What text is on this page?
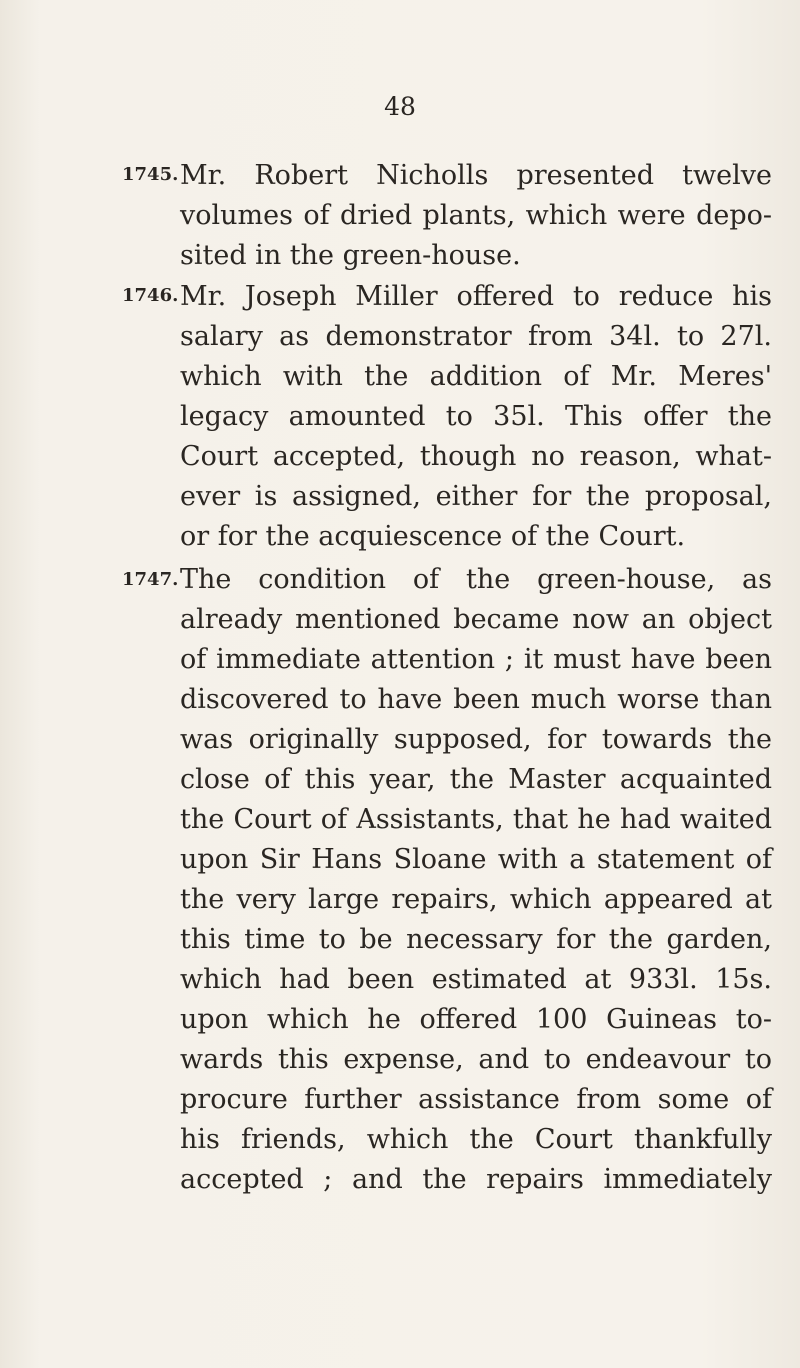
48
1745. Mr. Robert Nicholls presented twelve
volumes of dried plants, which were depo-
sited in the green-house.
1746. Mr. Joseph Miller offered to reduce his
salary as demonstrator from 34l. to 27l.
which with the addition of Mr. Meres'
legacy amounted to 35l. This offer the
Court accepted, though no reason, what-
ever is assigned, either for the proposal,
or for the acquiescence of the Court.
1747. The condition of the green-house, as
already mentioned became now an object
of immediate attention ; it must have been
discovered to have been much worse than
was originally supposed, for towards the
close of this year, the Master acquainted
the Court of Assistants, that he had waited
upon Sir Hans Sloane with a statement of
the very large repairs, which appeared at
this time to be necessary for the garden,
which had been estimated at 933l. 15s.
upon which he offered 100 Guineas to-
wards this expense, and to endeavour to
procure further assistance from some of
his friends, which the Court thankfully
accepted ; and the repairs immediately
